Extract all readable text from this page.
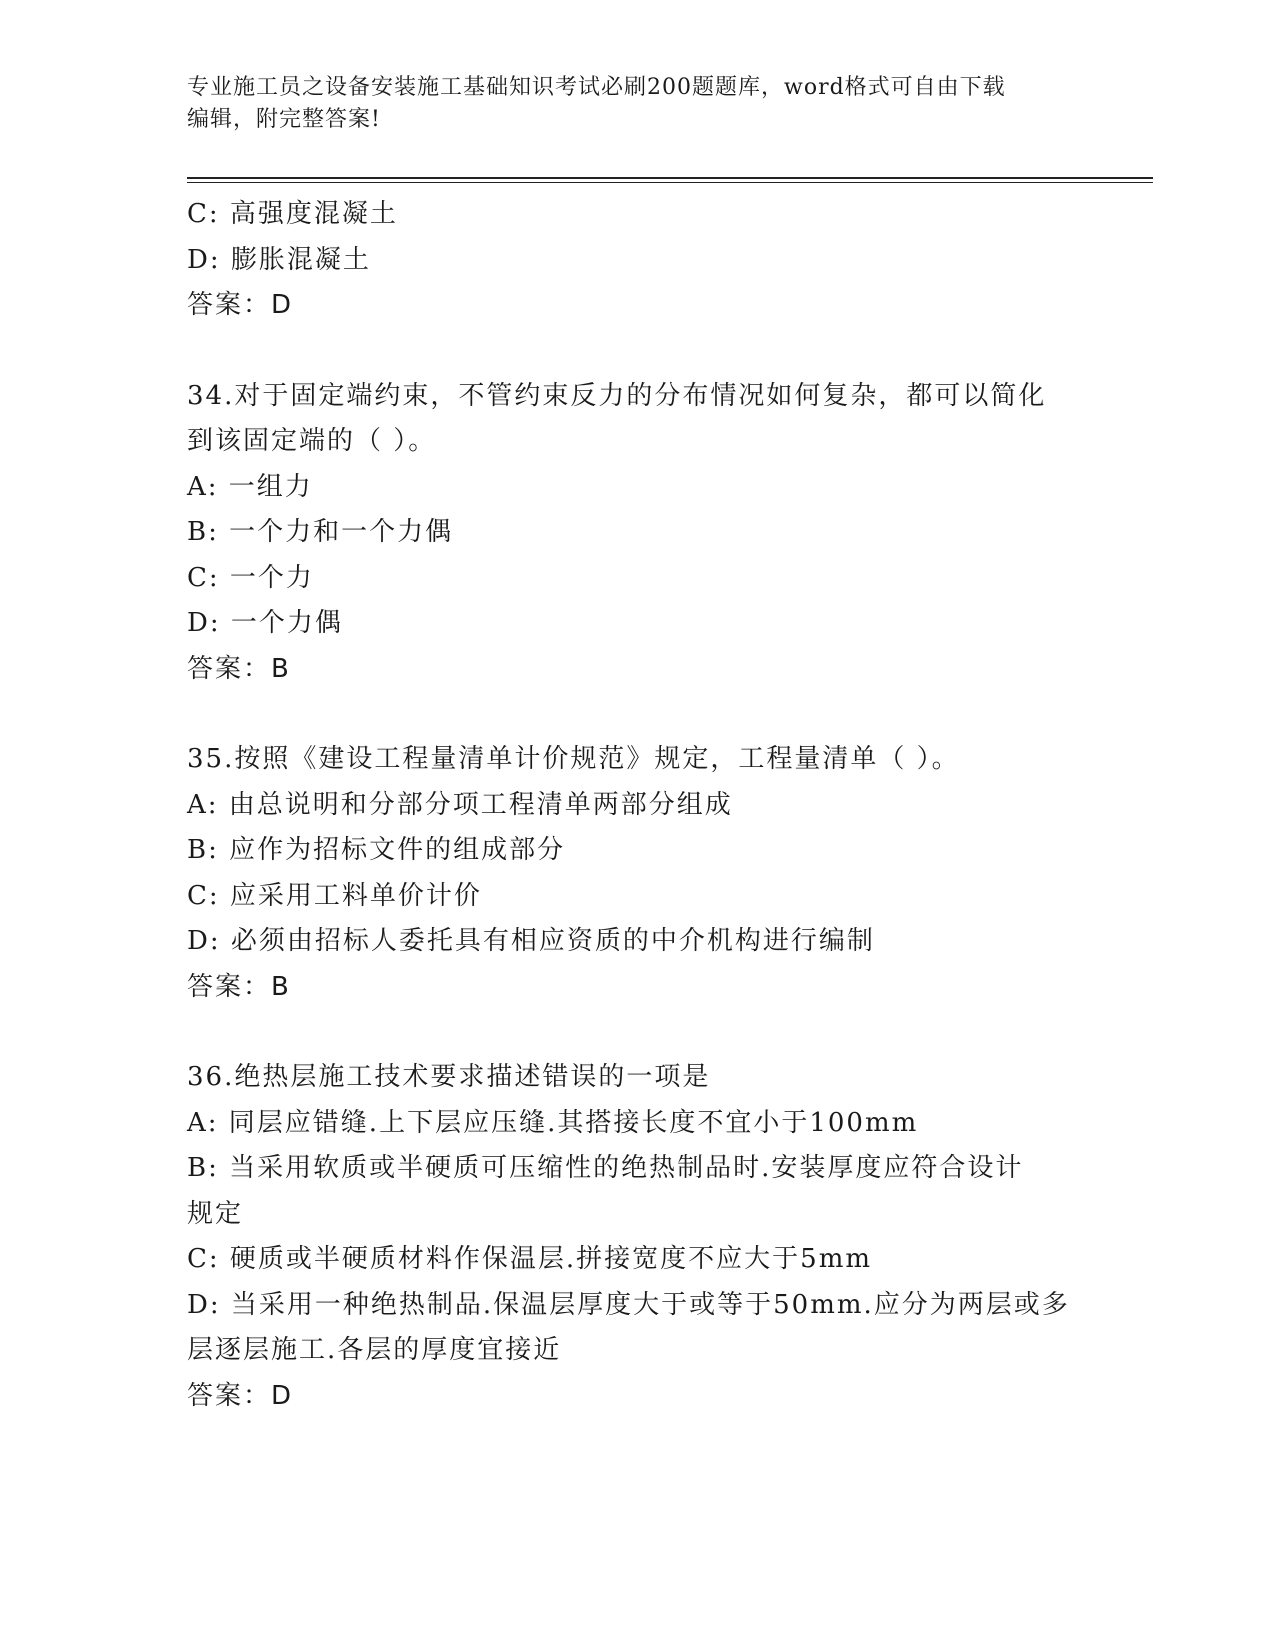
专业施工员之设备安装施工基础知识考试必刷200题题库，word格式可自由下载
编辑，附完整答案!
C: 高强度混凝土
D: 膨胀混凝土
答案：D
34.对于固定端约束，不管约束反力的分布情况如何复杂，都可以简化
到该固定端的（ ）。
A: 一组力
B: 一个力和一个力偶
C: 一个力
D: 一个力偶
答案：B
35.按照《建设工程量清单计价规范》规定，工程量清单（ ）。
A: 由总说明和分部分项工程清单两部分组成
B: 应作为招标文件的组成部分
C: 应采用工料单价计价
D: 必须由招标人委托具有相应资质的中介机构进行编制
答案：B
36.绝热层施工技术要求描述错误的一项是
A: 同层应错缝.上下层应压缝.其搭接长度不宜小于100mm
B: 当采用软质或半硬质可压缩性的绝热制品时.安装厚度应符合设计
规定
C: 硬质或半硬质材料作保温层.拼接宽度不应大于5mm
D: 当采用一种绝热制品.保温层厚度大于或等于50mm.应分为两层或多
层逐层施工.各层的厚度宜接近
答案：D
